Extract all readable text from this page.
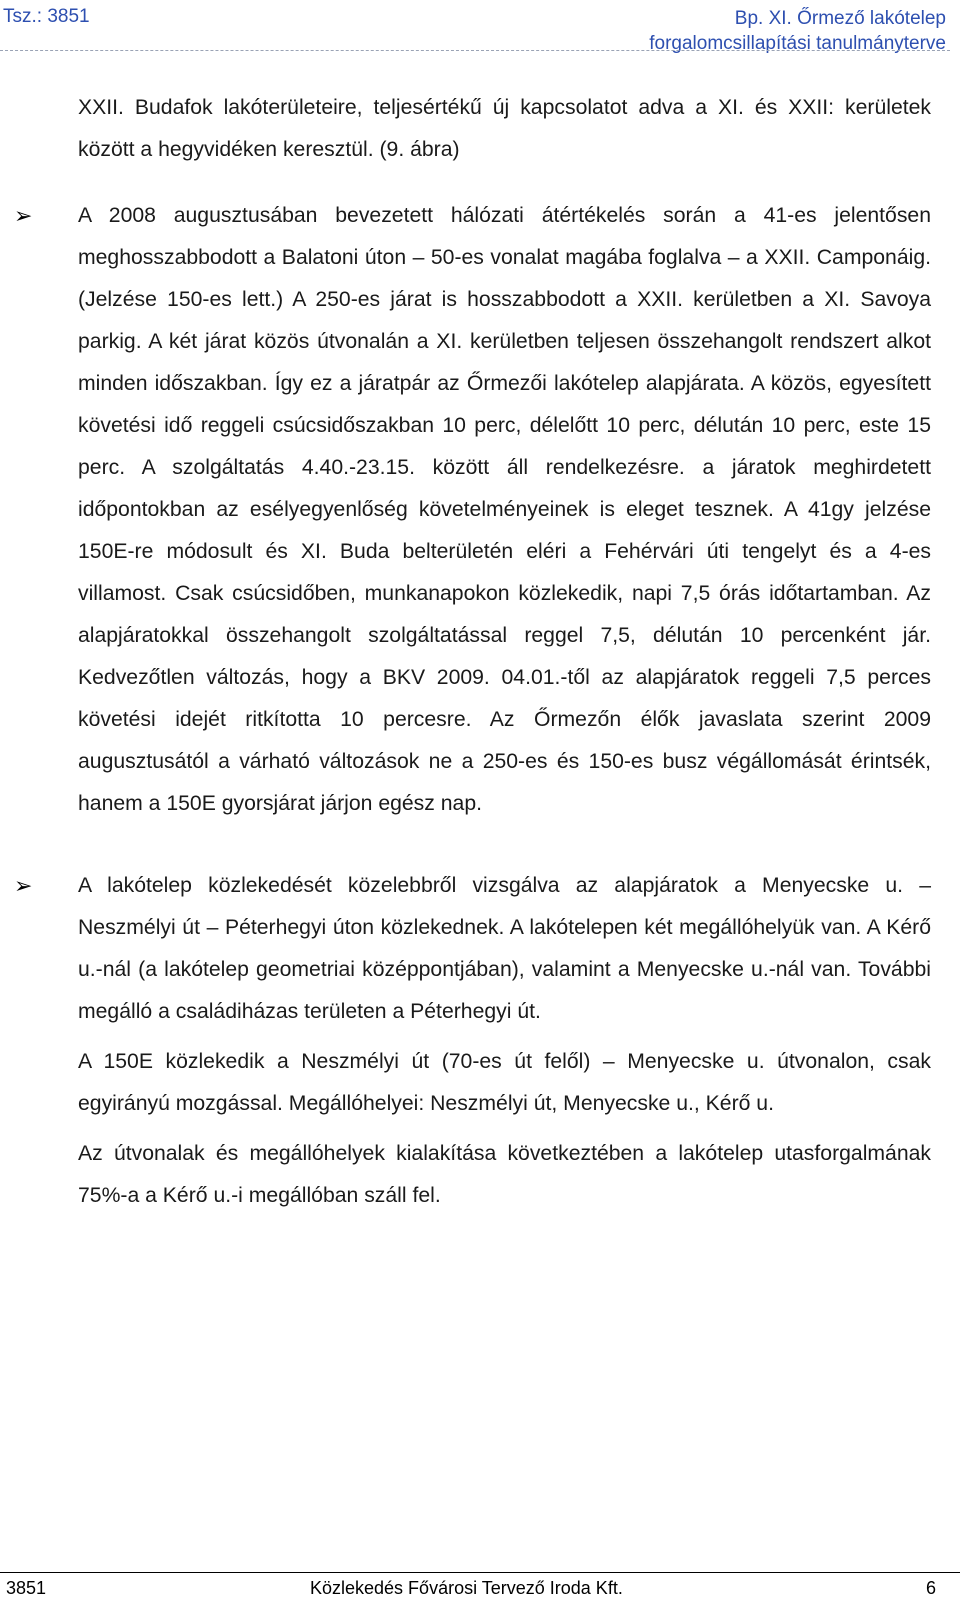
Tsz.: 3851	Bp. XI. Őrmező lakótelep
forgalomcsillapítási tanulmányterve

XXII. Budafok lakóterületeire, teljesértékű új kapcsolatot adva a XI. és XXII: kerületek között a hegyvidéken keresztül. (9. ábra)

➢ A 2008 augusztusában bevezetett hálózati átértékelés során a 41-es jelentősen meghosszabbodott a Balatoni úton – 50-es vonalat magába foglalva – a XXII. Camponáig. (Jelzése 150-es lett.) A 250-es járat is hosszabbodott a XXII. kerületben a XI. Savoya parkig. A két járat közös útvonalán a XI. kerületben teljesen összehangolt rendszert alkot minden időszakban. Így ez a járatpár az Őrmezői lakótelep alapjárata. A közös, egyesített követési idő reggeli csúcsidőszakban 10 perc, délelőtt 10 perc, délután 10 perc, este 15 perc. A szolgáltatás 4.40.-23.15. között áll rendelkezésre. a járatok meghirdetett időpontokban az esélyegyenlőség követelményeinek is eleget tesznek. A 41gy jelzése 150E-re módosult és XI. Buda belterületén eléri a Fehérvári úti tengelyt és a 4-es villamost. Csak csúcsidőben, munkanapokon közlekedik, napi 7,5 órás időtartamban. Az alapjáratokkal összehangolt szolgáltatással reggel 7,5, délután 10 percenként jár. Kedvezőtlen változás, hogy a BKV 2009. 04.01.-től az alapjáratok reggeli 7,5 perces követési idejét ritkította 10 percesre. Az Őrmezőn élők javaslata szerint 2009 augusztusától a várható változások ne a 250-es és 150-es busz végállomását érintsék, hanem a 150E gyorsjárat járjon egész nap.

➢ A lakótelep közlekedését közelebbről vizsgálva az alapjáratok a Menyecske u. – Neszmélyi út – Péterhegyi úton közlekednek. A lakótelepen két megállóhelyük van. A Kérő u.-nál (a lakótelep geometriai középpontjában), valamint a Menyecske u.-nál van. További megálló a családiházas területen a Péterhegyi út.

A 150E közlekedik a Neszmélyi út (70-es út felől) – Menyecske u. útvonalon, csak egyirányú mozgással. Megállóhelyei: Neszmélyi út, Menyecske u., Kérő u.

Az útvonalak és megállóhelyek kialakítása következtében a lakótelep utasforgalmának 75%-a a Kérő u.-i megállóban száll fel.

3851	Közlekedés Fővárosi Tervező Iroda Kft.	6
